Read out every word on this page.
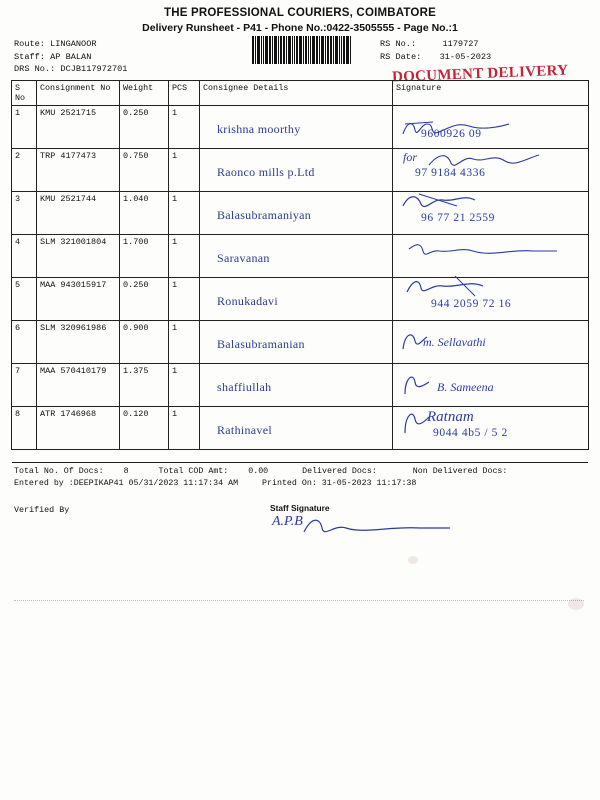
THE PROFESSIONAL COURIERS, COIMBATORE
Delivery Runsheet - P41 - Phone No.:0422-3505555 - Page No.:1
Route: LINGANOOR
Staff: AP BALAN
DRS No.: DCJB117972701
RS No.:	1179727
RS Date: 31-05-2023
DOCUMENT DELIVERY
S No	Consignment No	Weight	PCS	Consignee Details	Signature
1	KMU 2521715	0.250	1	krishna moorthy	9600926 09

2	TRP 4177473	0.750	1	Raonco mills p.Ltd	for
97 9184 4336

3	KMU 2521744	1.040	1	Balasubramaniyan	96 77 21 2559

4	SLM 321001804	1.700	1	Saravanan

5	MAA 943015917	0.250	1	Ronukadavi	944 2059 72 16

6	SLM 320961986	0.900	1	Balasubramanian	m. Sellavathi

7	MAA 570410179	1.375	1	shaffiullah	B. Sameena

8	ATR 1746968	0.120	1	Rathinavel	Ratnam
9044 4b5 / 5 2
Total No. Of Docs: 8	Total COD Amt: 0.00	Delivered Docs:	Non Delivered Docs:
Entered by :DEEPIKAP41 05/31/2023 11:17:34 AM	Printed On: 31-05-2023 11:17:38
Verified By	Staff Signature
A.P.B
